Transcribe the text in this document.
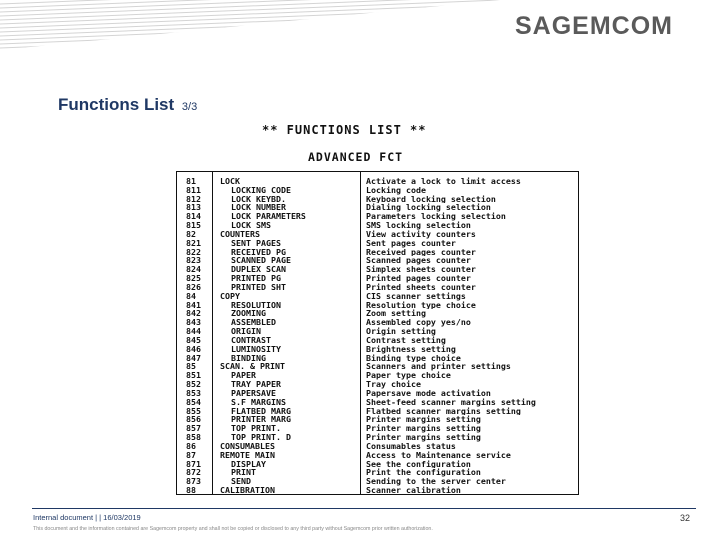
SAGEMCOM
Functions List 3/3
** FUNCTIONS LIST **
ADVANCED FCT
81
811
812
813
814
815
82
821
822
823
824
825
826
84
841
842
843
844
845
846
847
85
851
852
853
854
855
856
857
858
86
87
871
872
873
88
LOCK
LOCKING CODE
LOCK KEYBD.
LOCK NUMBER
LOCK PARAMETERS
LOCK SMS
COUNTERS
SENT PAGES
RECEIVED PG
SCANNED PAGE
DUPLEX SCAN
PRINTED PG
PRINTED SHT
COPY
RESOLUTION
ZOOMING
ASSEMBLED
ORIGIN
CONTRAST
LUMINOSITY
BINDING
SCAN. & PRINT
PAPER
TRAY PAPER
PAPERSAVE
S.F MARGINS
FLATBED MARG
PRINTER MARG
TOP PRINT.
TOP PRINT. D
CONSUMABLES
REMOTE MAIN
DISPLAY
PRINT
SEND
CALIBRATION
Activate a lock to limit access
Locking code
Keyboard locking selection
Dialing locking selection
Parameters locking selection
SMS locking selection
View activity counters
Sent pages counter
Received pages counter
Scanned pages counter
Simplex sheets counter
Printed pages counter
Printed sheets counter
CIS scanner settings
Resolution type choice
Zoom setting
Assembled copy yes/no
Origin setting
Contrast setting
Brightness setting
Binding type choice
Scanners and printer settings
Paper type choice
Tray choice
Papersave mode activation
Sheet-feed scanner margins setting
Flatbed scanner margins setting
Printer margins setting
Printer margins setting
Printer margins setting
Consumables status
Access to Maintenance service
See the configuration
Print the configuration
Sending to the server center
Scanner calibration
Internal document | | 16/03/2019	32
This document and the information contained are Sagemcom property and shall not be copied or disclosed to any third party without Sagemcom prior written authorization.
